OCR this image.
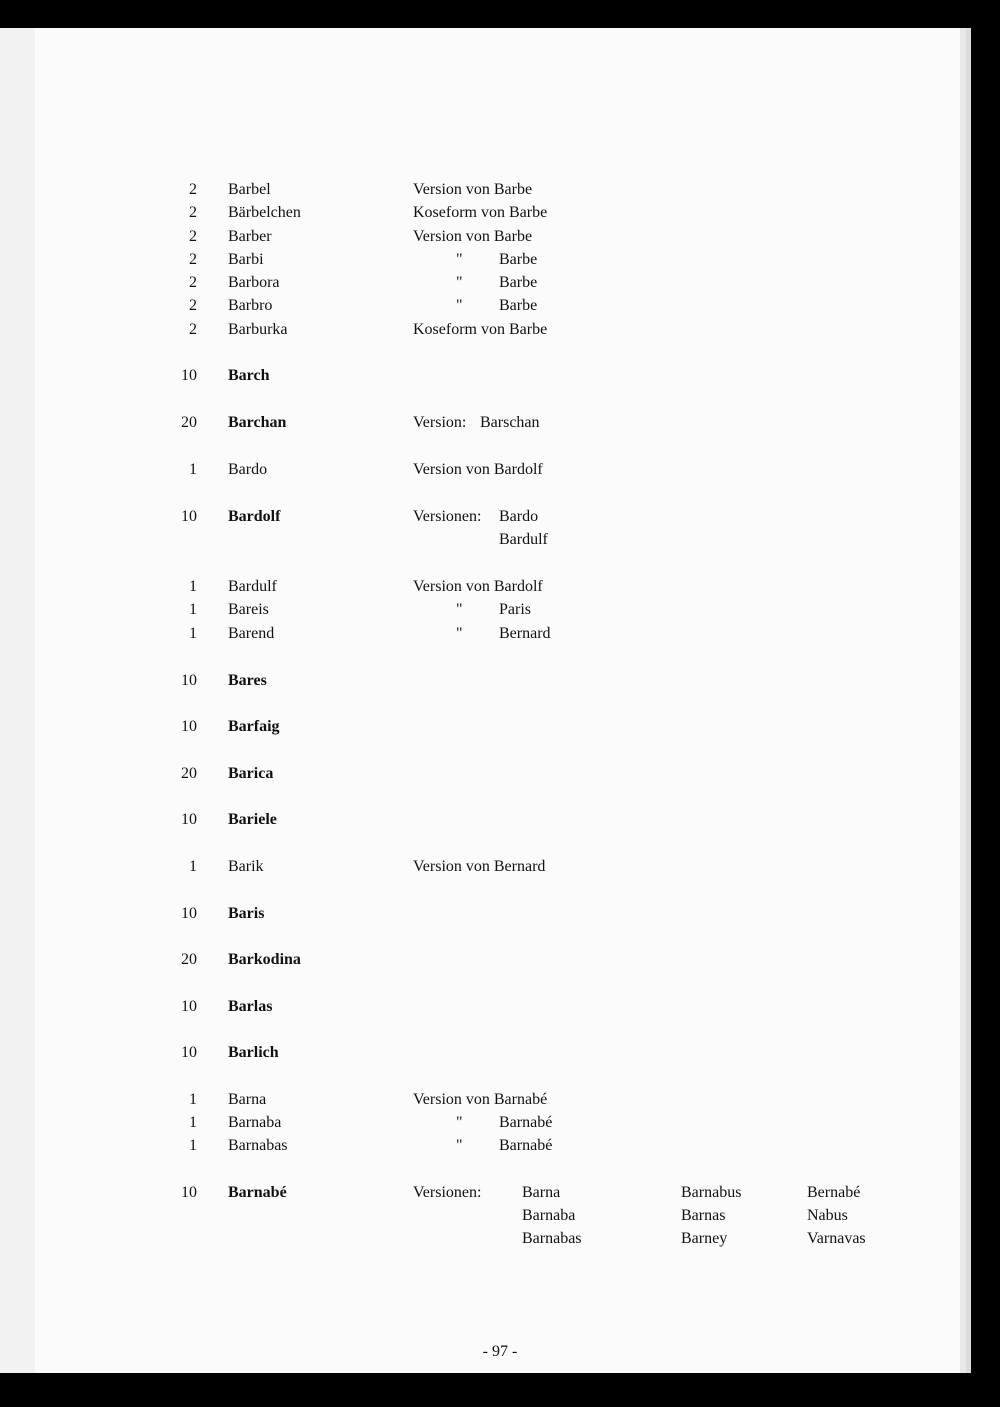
2 Barbel	Version von Barbe
2 Bärbelchen	Koseform von Barbe
2 Barber	Version von Barbe
2 Barbi	" Barbe
2 Barbora	" Barbe
2 Barbro	" Barbe
2 Barburka	Koseform von Barbe
10 Barch
20 Barchan	Version: Barschan
1 Bardo	Version von Bardolf
10 Bardolf	Versionen: Bardo
Bardulf
1 Bardulf	Version von Bardolf
1 Bareis	" Paris
1 Barend	" Bernard
10 Bares
10 Barfaig
20 Barica
10 Bariele
1 Barik	Version von Bernard
10 Baris
20 Barkodina
10 Barlas
10 Barlich
1 Barna	Version von Barnabé
1 Barnaba	" Barnabé
1 Barnabas	" Barnabé
10 Barnabé	Versionen:	Barna	Barnabus	Bernabé
Barnaba	Barnas	Nabus
Barnabas	Barney	Varnavas
- 97 -
